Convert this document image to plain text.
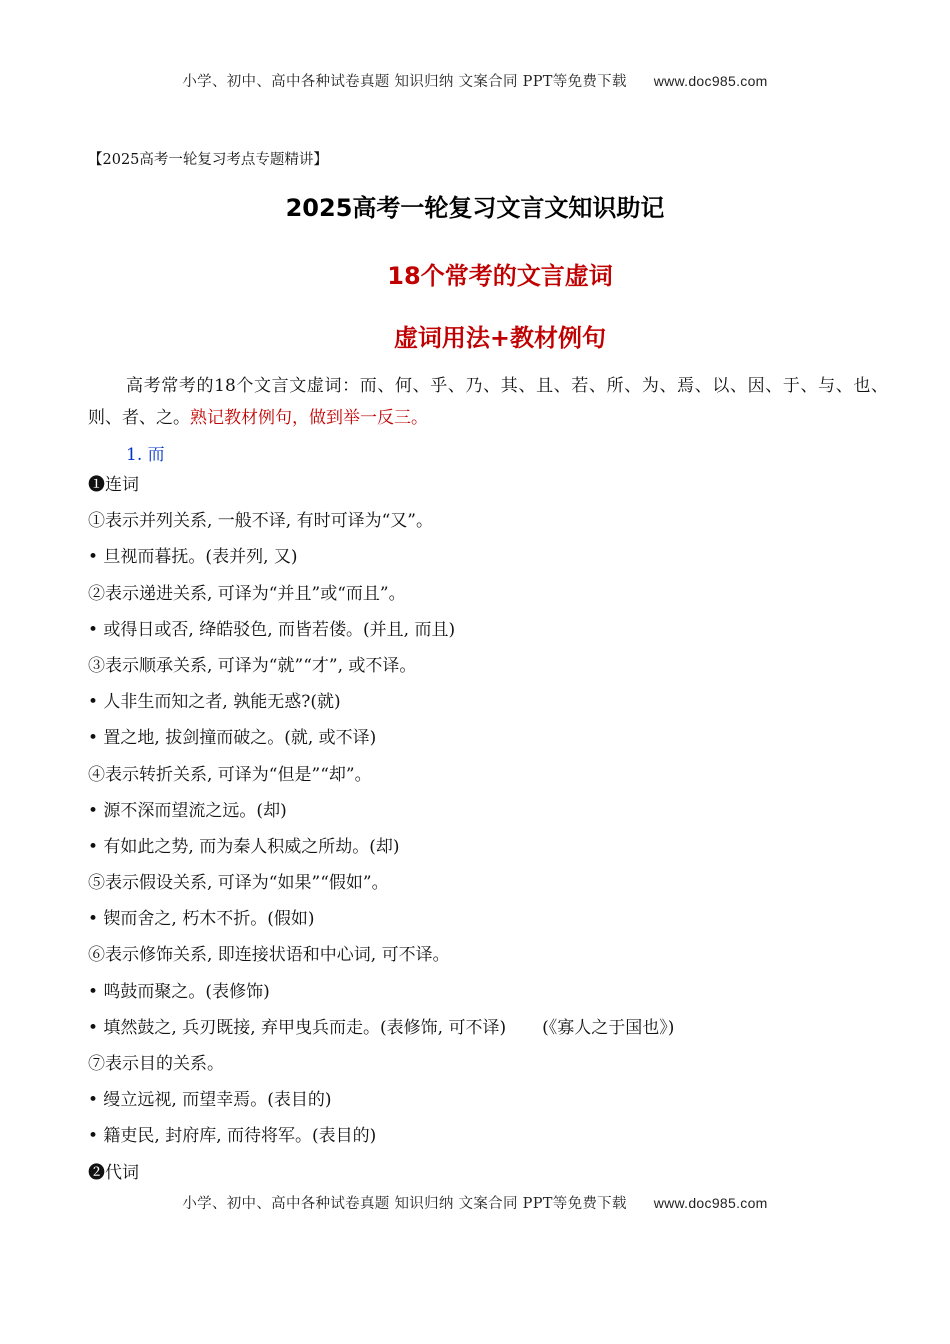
小学、初中、高中各种试卷真题 知识归纳 文案合同 PPT等免费下载 www.doc985.com
【2025高考一轮复习考点专题精讲】
2025高考一轮复习文言文知识助记
18个常考的文言虚词
虚词用法+教材例句
高考常考的18个文言文虚词：而、何、乎、乃、其、且、若、所、为、焉、以、因、于、与、也、则、者、之。熟记教材例句，做到举一反三。
1. 而
❶连词
①表示并列关系, 一般不译, 有时可译为“又”。
• 旦视而暮抚。(表并列, 又)
②表示递进关系, 可译为“并且”或“而且”。
• 或得日或否, 绛皓驳色, 而皆若偻。(并且, 而且)
③表示顺承关系, 可译为“就”“才”, 或不译。
• 人非生而知之者, 孰能无惑?(就)
• 置之地, 拔剑撞而破之。(就, 或不译)
④表示转折关系, 可译为“但是”“却”。
• 源不深而望流之远。(却)
• 有如此之势, 而为秦人积威之所劫。(却)
⑤表示假设关系, 可译为“如果”“假如”。
• 锲而舍之, 朽木不折。(假如)
⑥表示修饰关系, 即连接状语和中心词, 可不译。
• 鸣鼓而聚之。(表修饰)
• 填然鼓之, 兵刃既接, 弃甲曳兵而走。(表修饰, 可不译) (《寡人之于国也》)
⑦表示目的关系。
• 缦立远视, 而望幸焉。(表目的)
• 籍吏民, 封府库, 而待将军。(表目的)
❷代词
小学、初中、高中各种试卷真题 知识归纳 文案合同 PPT等免费下载 www.doc985.com
